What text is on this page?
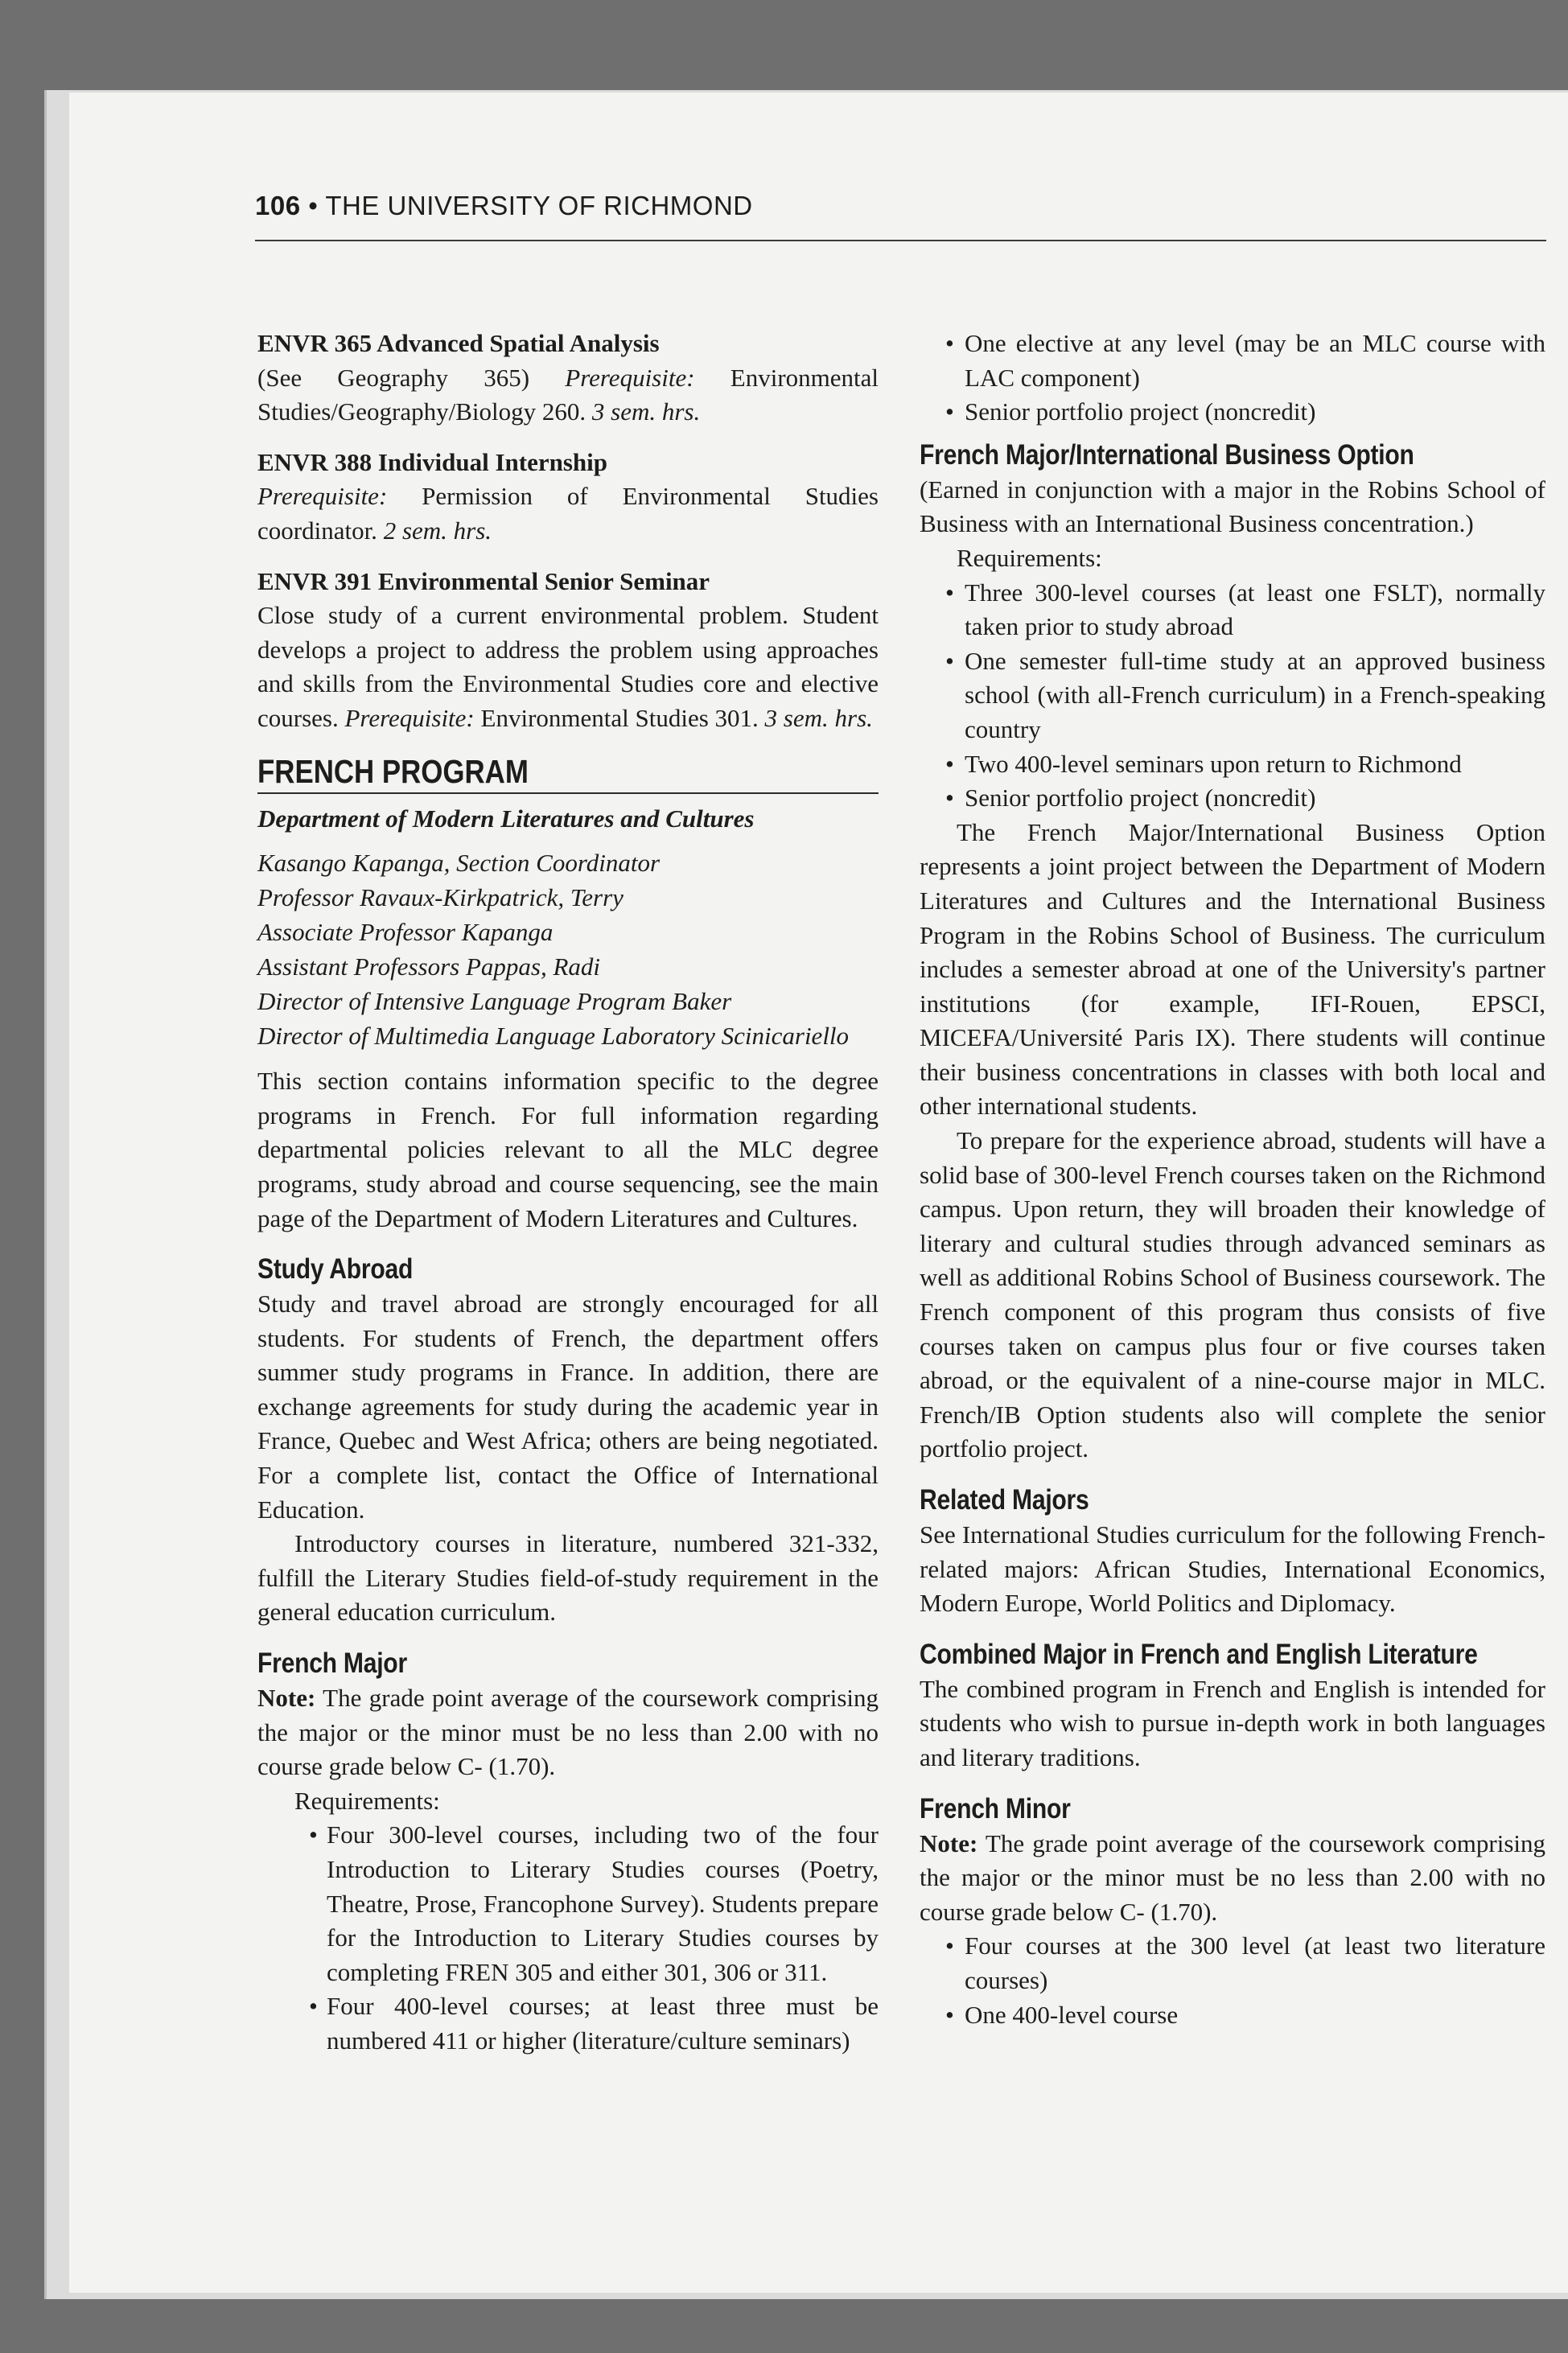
106 • THE UNIVERSITY OF RICHMOND

ENVR 365 Advanced Spatial Analysis

(See Geography 365) Prerequisite: Environmental Studies/Geography/Biology 260. 3 sem. hrs.

ENVR 388 Individual Internship

Prerequisite: Permission of Environmental Studies coordinator. 2 sem. hrs.

ENVR 391 Environmental Senior Seminar

Close study of a current environmental problem. Student develops a project to address the problem using approaches and skills from the Environmental Studies core and elective courses. Prerequisite: Environmental Studies 301. 3 sem. hrs.

FRENCH PROGRAM

Department of Modern Literatures and Cultures

Kasango Kapanga, Section Coordinator
Professor Ravaux-Kirkpatrick, Terry
Associate Professor Kapanga
Assistant Professors Pappas, Radi
Director of Intensive Language Program Baker
Director of Multimedia Language Laboratory Scinicariello

This section contains information specific to the degree programs in French. For full information regarding departmental policies relevant to all the MLC degree programs, study abroad and course sequencing, see the main page of the Department of Modern Literatures and Cultures.

Study Abroad

Study and travel abroad are strongly encouraged for all students. For students of French, the department offers summer study programs in France. In addition, there are exchange agreements for study during the academic year in France, Quebec and West Africa; others are being negotiated. For a complete list, contact the Office of International Education.

Introductory courses in literature, numbered 321-332, fulfill the Literary Studies field-of-study requirement in the general education curriculum.

French Major

Note: The grade point average of the coursework comprising the major or the minor must be no less than 2.00 with no course grade below C- (1.70).

Requirements:

• Four 300-level courses, including two of the four Introduction to Literary Studies courses (Poetry, Theatre, Prose, Francophone Survey). Students prepare for the Introduction to Literary Studies courses by completing FREN 305 and either 301, 306 or 311.
• Four 400-level courses; at least three must be numbered 411 or higher (literature/culture seminars)
• One elective at any level (may be an MLC course with LAC component)
• Senior portfolio project (noncredit)
French Major/International Business Option

(Earned in conjunction with a major in the Robins School of Business with an International Business concentration.)

Requirements:

• Three 300-level courses (at least one FSLT), normally taken prior to study abroad
• One semester full-time study at an approved business school (with all-French curriculum) in a French-speaking country
• Two 400-level seminars upon return to Richmond
• Senior portfolio project (noncredit)

The French Major/International Business Option represents a joint project between the Department of Modern Literatures and Cultures and the International Business Program in the Robins School of Business. The curriculum includes a semester abroad at one of the University's partner institutions (for example, IFI-Rouen, EPSCI, MICEFA/Université Paris IX). There students will continue their business concentrations in classes with both local and other international students.

To prepare for the experience abroad, students will have a solid base of 300-level French courses taken on the Richmond campus. Upon return, they will broaden their knowledge of literary and cultural studies through advanced seminars as well as additional Robins School of Business coursework. The French component of this program thus consists of five courses taken on campus plus four or five courses taken abroad, or the equivalent of a nine-course major in MLC. French/IB Option students also will complete the senior portfolio project.

Related Majors

See International Studies curriculum for the following French-related majors: African Studies, International Economics, Modern Europe, World Politics and Diplomacy.

Combined Major in French and English Literature

The combined program in French and English is intended for students who wish to pursue in-depth work in both languages and literary traditions.

French Minor

Note: The grade point average of the coursework comprising the major or the minor must be no less than 2.00 with no course grade below C- (1.70).

• Four courses at the 300 level (at least two literature courses)
• One 400-level course
